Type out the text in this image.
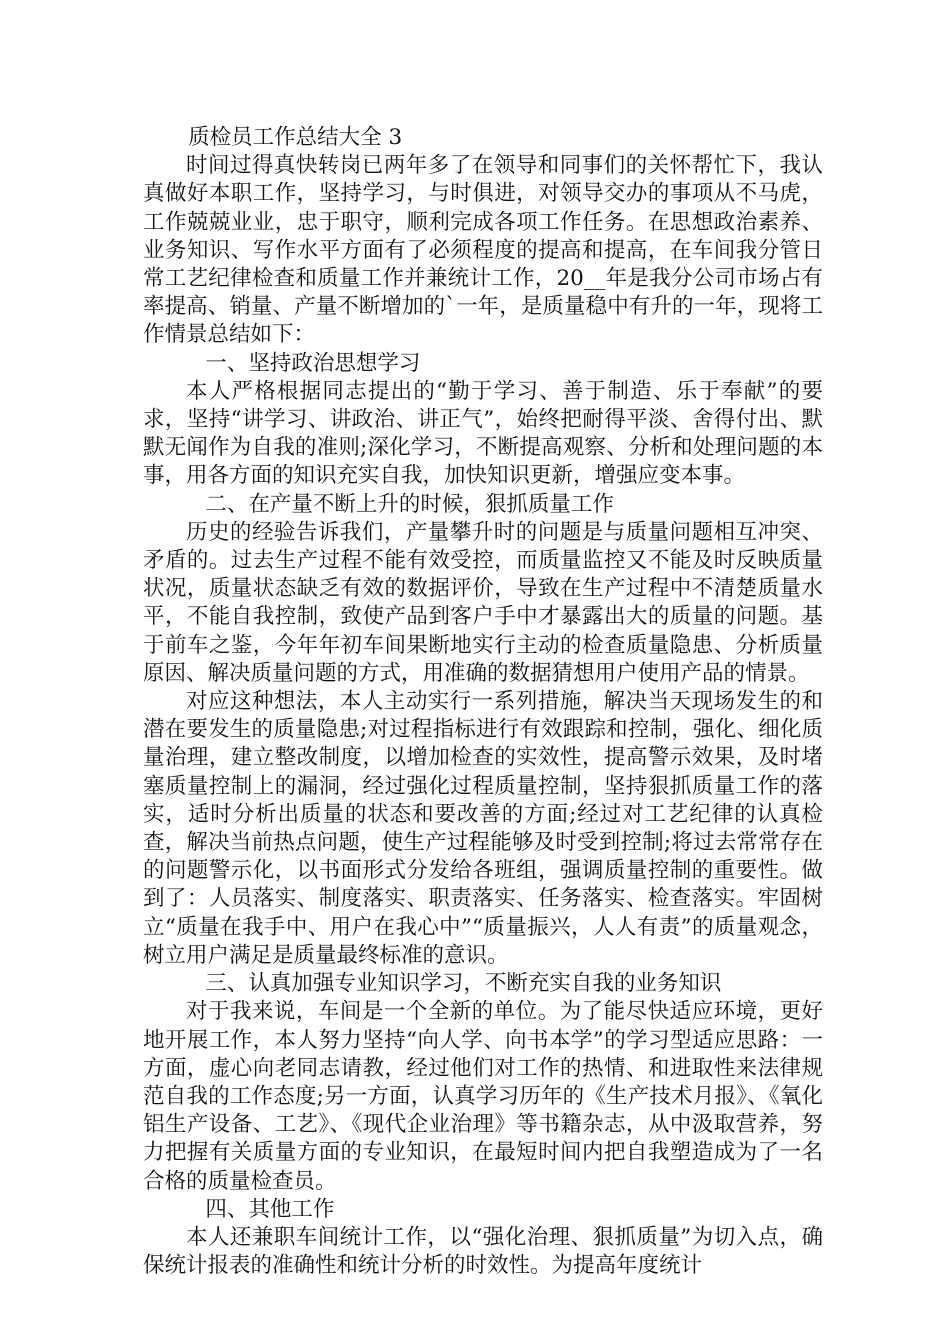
质检员工作总结大全 3

时间过得真快转岗已两年多了在领导和同事们的关怀帮忙下，我认真做好本职工作，坚持学习，与时俱进，对领导交办的事项从不马虎，工作兢兢业业，忠于职守，顺利完成各项工作任务。在思想政治素养、业务知识、写作水平方面有了必须程度的提高和提高，在车间我分管日常工艺纪律检查和质量工作并兼统计工作，20__年是我分公司市场占有率提高、销量、产量不断增加的`一年，是质量稳中有升的一年，现将工作情景总结如下：

一、坚持政治思想学习

本人严格根据同志提出的“勤于学习、善于制造、乐于奉献”的要求，坚持“讲学习、讲政治、讲正气”，始终把耐得平淡、舍得付出、默默无闻作为自我的准则;深化学习，不断提高观察、分析和处理问题的本事，用各方面的知识充实自我，加快知识更新，增强应变本事。

二、在产量不断上升的时候，狠抓质量工作

历史的经验告诉我们，产量攀升时的问题是与质量问题相互冲突、矛盾的。过去生产过程不能有效受控，而质量监控又不能及时反映质量状况，质量状态缺乏有效的数据评价，导致在生产过程中不清楚质量水平，不能自我控制，致使产品到客户手中才暴露出大的质量的问题。基于前车之鉴，今年年初车间果断地实行主动的检查质量隐患、分析质量原因、解决质量问题的方式，用准确的数据猜想用户使用产品的情景。

对应这种想法，本人主动实行一系列措施，解决当天现场发生的和潜在要发生的质量隐患;对过程指标进行有效跟踪和控制，强化、细化质量治理，建立整改制度，以增加检查的实效性，提高警示效果，及时堵塞质量控制上的漏洞，经过强化过程质量控制，坚持狠抓质量工作的落实，适时分析出质量的状态和要改善的方面;经过对工艺纪律的认真检查，解决当前热点问题，使生产过程能够及时受到控制;将过去常常存在的问题警示化，以书面形式分发给各班组，强调质量控制的重要性。做到了：人员落实、制度落实、职责落实、任务落实、检查落实。牢固树立“质量在我手中、用户在我心中”“质量振兴，人人有责”的质量观念，树立用户满足是质量最终标准的意识。

三、认真加强专业知识学习，不断充实自我的业务知识

对于我来说，车间是一个全新的单位。为了能尽快适应环境，更好地开展工作，本人努力坚持“向人学、向书本学”的学习型适应思路：一方面，虚心向老同志请教，经过他们对工作的热情、和进取性来法律规范自我的工作态度;另一方面，认真学习历年的《生产技术月报》、《氧化铝生产设备、工艺》、《现代企业治理》等书籍杂志，从中汲取营养，努力把握有关质量方面的专业知识，在最短时间内把自我塑造成为了一名合格的质量检查员。

四、其他工作

本人还兼职车间统计工作，以“强化治理、狠抓质量”为切入点，确保统计报表的准确性和统计分析的时效性。为提高年度统计
